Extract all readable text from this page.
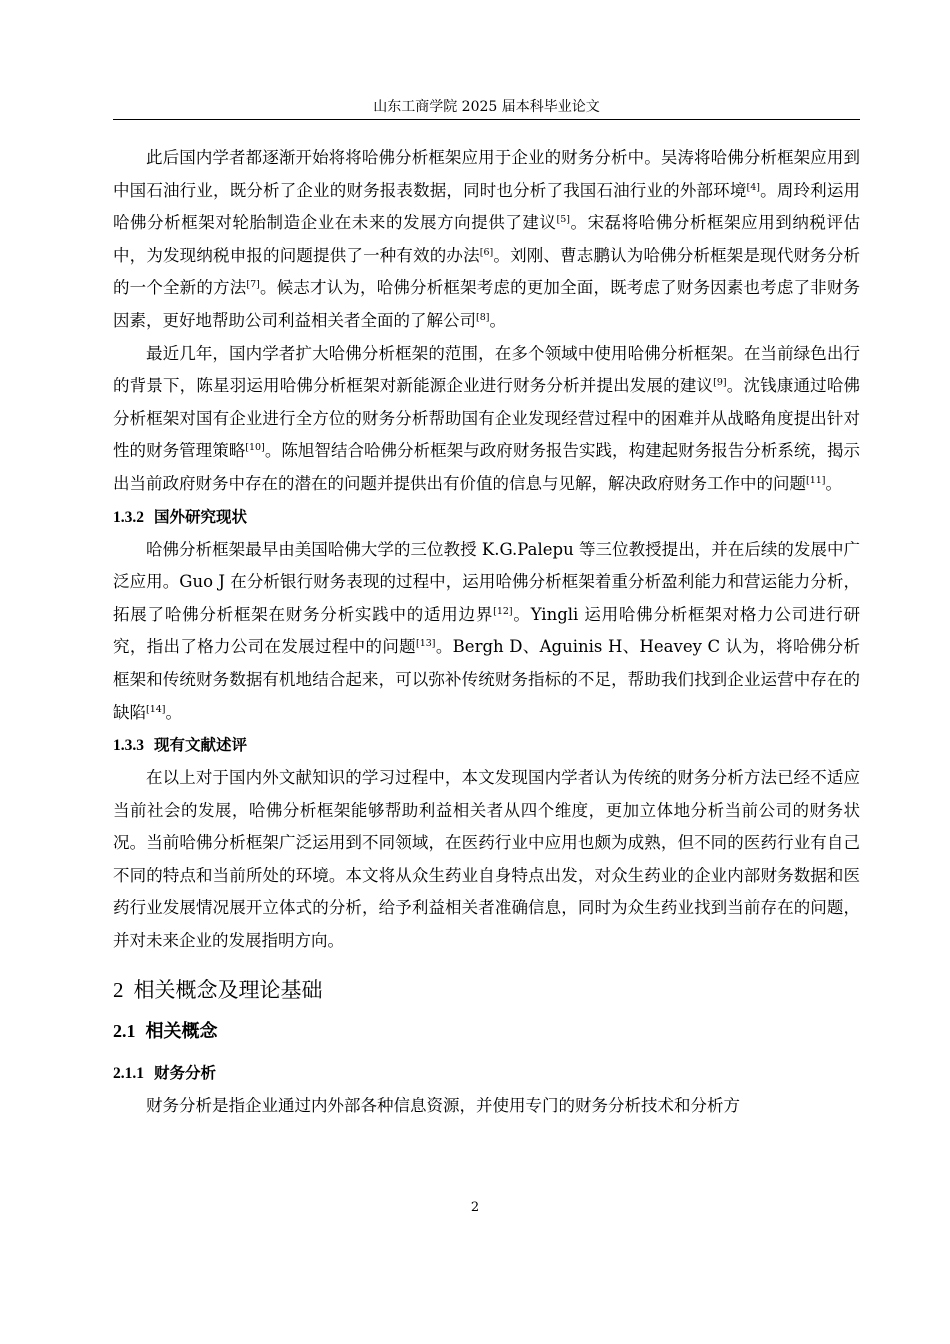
山东工商学院 2025 届本科毕业论文

此后国内学者都逐渐开始将将哈佛分析框架应用于企业的财务分析中。吴涛将哈佛分析框架应用到中国石油行业，既分析了企业的财务报表数据，同时也分析了我国石油行业的外部环境[4]。周玲利运用哈佛分析框架对轮胎制造企业在未来的发展方向提供了建议[5]。宋磊将哈佛分析框架应用到纳税评估中，为发现纳税申报的问题提供了一种有效的办法[6]。刘刚、曹志鹏认为哈佛分析框架是现代财务分析的一个全新的方法[7]。候志才认为，哈佛分析框架考虑的更加全面，既考虑了财务因素也考虑了非财务因素，更好地帮助公司利益相关者全面的了解公司[8]。

最近几年，国内学者扩大哈佛分析框架的范围，在多个领域中使用哈佛分析框架。在当前绿色出行的背景下，陈星羽运用哈佛分析框架对新能源企业进行财务分析并提出发展的建议[9]。沈钱康通过哈佛分析框架对国有企业进行全方位的财务分析帮助国有企业发现经营过程中的困难并从战略角度提出针对性的财务管理策略[10]。陈旭智结合哈佛分析框架与政府财务报告实践，构建起财务报告分析系统，揭示出当前政府财务中存在的潜在的问题并提供出有价值的信息与见解，解决政府财务工作中的问题[11]。

1.3.2 国外研究现状

哈佛分析框架最早由美国哈佛大学的三位教授 K.G.Palepu 等三位教授提出，并在后续的发展中广泛应用。Guo J 在分析银行财务表现的过程中，运用哈佛分析框架着重分析盈利能力和营运能力分析，拓展了哈佛分析框架在财务分析实践中的适用边界[12]。Yingli 运用哈佛分析框架对格力公司进行研究，指出了格力公司在发展过程中的问题[13]。Bergh D、Aguinis H、Heavey C 认为，将哈佛分析框架和传统财务数据有机地结合起来，可以弥补传统财务指标的不足，帮助我们找到企业运营中存在的缺陷[14]。

1.3.3 现有文献述评

在以上对于国内外文献知识的学习过程中，本文发现国内学者认为传统的财务分析方法已经不适应当前社会的发展，哈佛分析框架能够帮助利益相关者从四个维度，更加立体地分析当前公司的财务状况。当前哈佛分析框架广泛运用到不同领域，在医药行业中应用也颇为成熟，但不同的医药行业有自己不同的特点和当前所处的环境。本文将从众生药业自身特点出发，对众生药业的企业内部财务数据和医药行业发展情况展开立体式的分析，给予利益相关者准确信息，同时为众生药业找到当前存在的问题，并对未来企业的发展指明方向。

2 相关概念及理论基础
2.1 相关概念
2.1.1 财务分析

财务分析是指企业通过内外部各种信息资源，并使用专门的财务分析技术和分析方

2
